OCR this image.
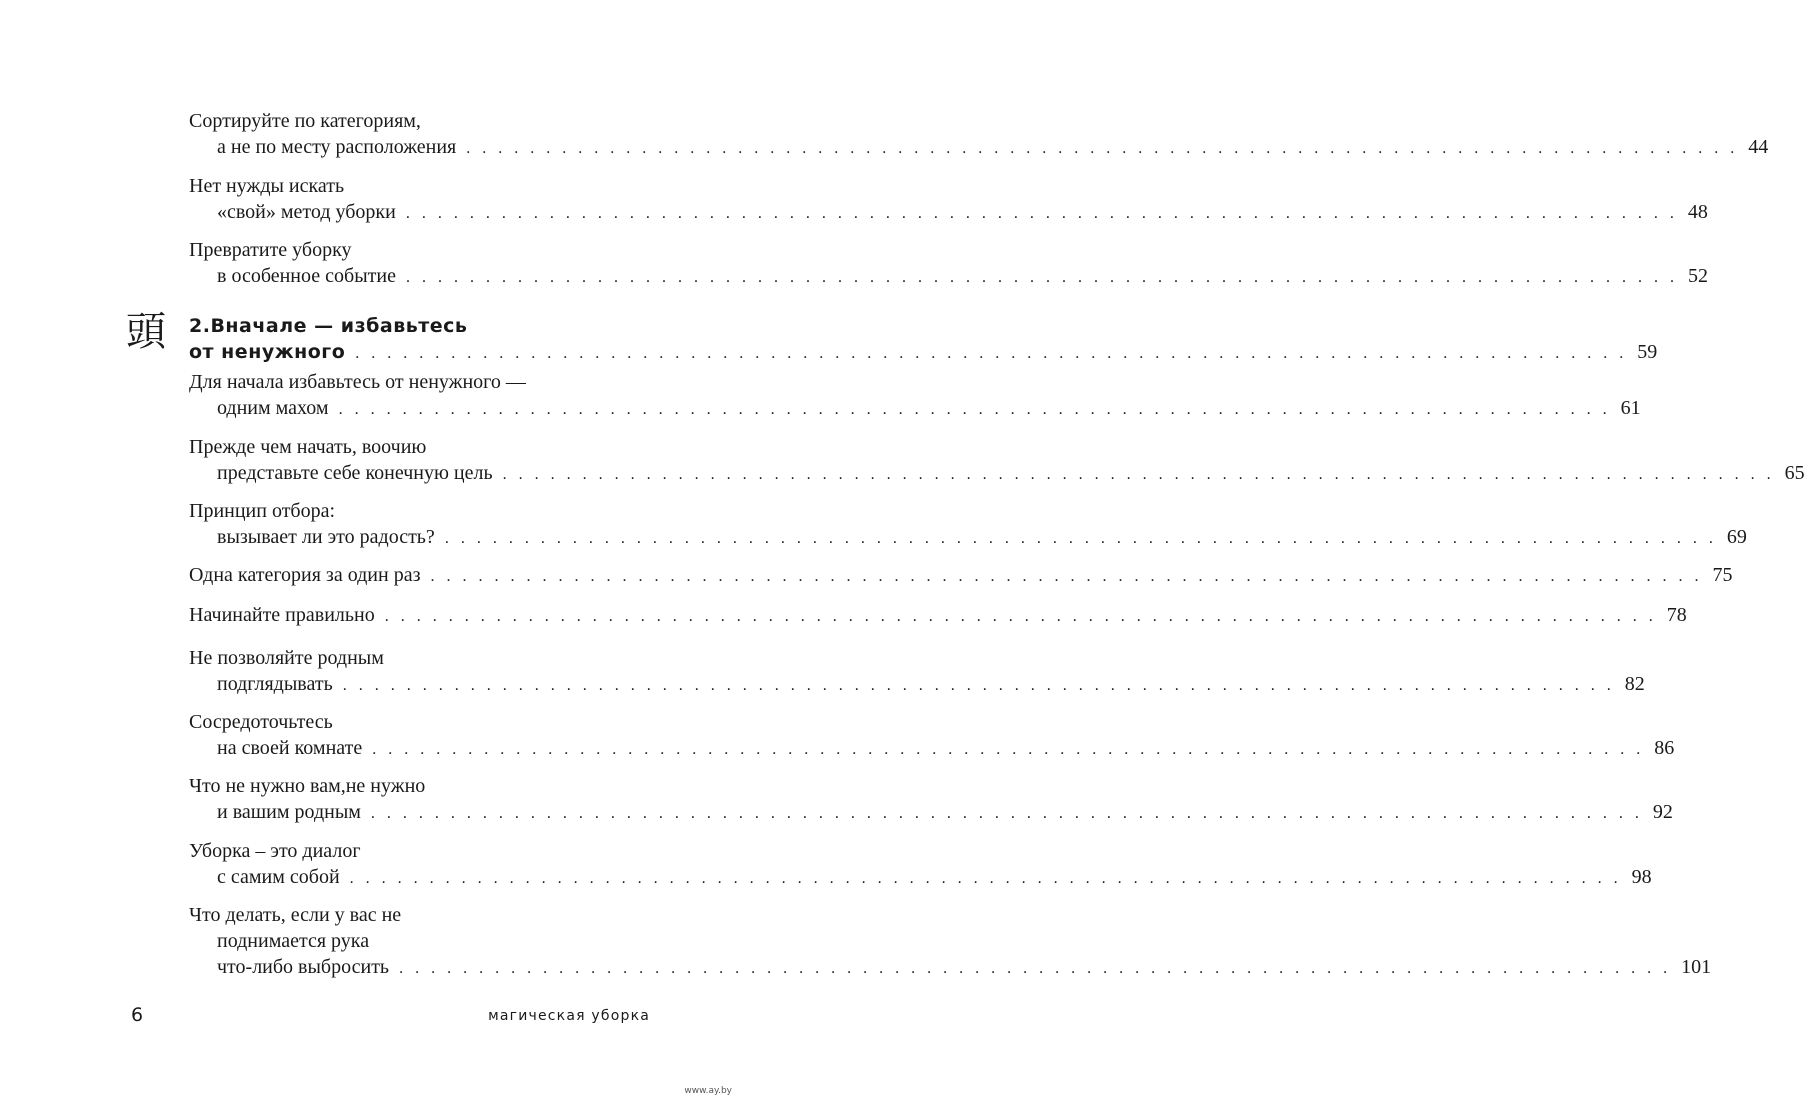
Сортируйте по категориям,
а не по месту расположения . . . . . . . . . . . . . . . . . . . . . . . . . . . . . . . . . . . . . . . . . . . . . . . . . . . . . . . . . . . . . . . . . . . . . . . . . . . . . . . . 44
Нет нужды искать
«свой» метод уборки . . . . . . . . . . . . . . . . . . . . . . . . . . . . . . . . . . . . . . . . . . . . . . . . . . . . . . . . . . . . . . . . . . . . . . . . . . . . . . . . 48
Превратите уборку
в особенное событие . . . . . . . . . . . . . . . . . . . . . . . . . . . . . . . . . . . . . . . . . . . . . . . . . . . . . . . . . . . . . . . . . . . . . . . . . . . . . . . . 52
頭 2.Вначале — избавьтесь
от ненужного . . . . . . . . . . . . . . . . . . . . . . . . . . . . . . . . . . . . . . . . . . . . . . . . . . . . . . . . . . . . . . . . . . . . . . . . . . . . . . . . 59
Для начала избавьтесь от ненужного —
одним махом . . . . . . . . . . . . . . . . . . . . . . . . . . . . . . . . . . . . . . . . . . . . . . . . . . . . . . . . . . . . . . . . . . . . . . . . . . . . . . . . 61
Прежде чем начать, воочию
представьте себе конечную цель . . . . . . . . . . . . . . . . . . . . . . . . . . . . . . . . . . . . . . . . . . . . . . . . . . . . . . . . . . . . . . . . . . . . . . . . . . . . . . . . 65
Принцип отбора:
вызывает ли это радость? . . . . . . . . . . . . . . . . . . . . . . . . . . . . . . . . . . . . . . . . . . . . . . . . . . . . . . . . . . . . . . . . . . . . . . . . . . . . . . . . 69
Одна категория за один раз . . . . . . . . . . . . . . . . . . . . . . . . . . . . . . . . . . . . . . . . . . . . . . . . . . . . . . . . . . . . . . . . . . . . . . . . . . . . . . . . 75
Начинайте правильно . . . . . . . . . . . . . . . . . . . . . . . . . . . . . . . . . . . . . . . . . . . . . . . . . . . . . . . . . . . . . . . . . . . . . . . . . . . . . . . . 78
Не позволяйте родным
подглядывать . . . . . . . . . . . . . . . . . . . . . . . . . . . . . . . . . . . . . . . . . . . . . . . . . . . . . . . . . . . . . . . . . . . . . . . . . . . . . . . . 82
Сосредоточьтесь
на своей комнате . . . . . . . . . . . . . . . . . . . . . . . . . . . . . . . . . . . . . . . . . . . . . . . . . . . . . . . . . . . . . . . . . . . . . . . . . . . . . . . . 86
Что не нужно вам,не нужно
и вашим родным . . . . . . . . . . . . . . . . . . . . . . . . . . . . . . . . . . . . . . . . . . . . . . . . . . . . . . . . . . . . . . . . . . . . . . . . . . . . . . . . 92
Уборка – это диалог
с самим собой . . . . . . . . . . . . . . . . . . . . . . . . . . . . . . . . . . . . . . . . . . . . . . . . . . . . . . . . . . . . . . . . . . . . . . . . . . . . . . . . 98
Что делать, если у вас не
поднимается рука
что-либо выбросить . . . . . . . . . . . . . . . . . . . . . . . . . . . . . . . . . . . . . . . . . . . . . . . . . . . . . . . . . . . . . . . . . . . . . . . . . . . . . . . . 101
6	магическая уборка
www.ay.by
